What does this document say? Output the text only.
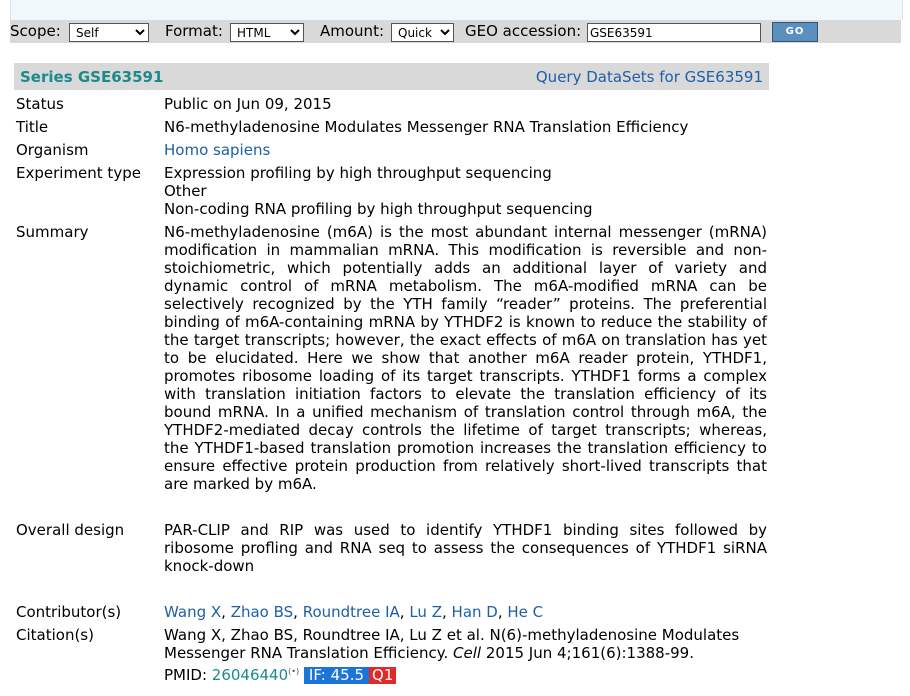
Scope:
Self	Format:
HTML	Amount:
Quick	GEO accession:
GSE63591	GO
Series GSE63591	Query DataSets for GSE63591
Status	Public on Jun 09, 2015
Title	N6-methyladenosine Modulates Messenger RNA Translation Efficiency
Organism	Homo sapiens
Experiment type	Expression profiling by high throughput sequencing
Other
Non-coding RNA profiling by high throughput sequencing
Summary	N6-methyladenosine (m6A) is the most abundant internal messenger (mRNA) modification in mammalian mRNA. This modification is reversible and non-stoichiometric, which potentially adds an additional layer of variety and dynamic control of mRNA metabolism. The m6A-modified mRNA can be selectively recognized by the YTH family “reader” proteins. The preferential binding of m6A-containing mRNA by YTHDF2 is known to reduce the stability of the target transcripts; however, the exact effects of m6A on translation has yet to be elucidated. Here we show that another m6A reader protein, YTHDF1, promotes ribosome loading of its target transcripts. YTHDF1 forms a complex with translation initiation factors to elevate the translation efficiency of its bound mRNA. In a unified mechanism of translation control through m6A, the YTHDF2-mediated decay controls the lifetime of target transcripts; whereas, the YTHDF1-based translation promotion increases the translation efficiency to ensure effective protein production from relatively short-lived transcripts that are marked by m6A.
Overall design	PAR-CLIP and RIP was used to identify YTHDF1 binding sites followed by ribosome profling and RNA seq to assess the consequences of YTHDF1 siRNA knock-down
Contributor(s)	Wang X, Zhao BS, Roundtree IA, Lu Z, Han D, He C
Citation(s)	Wang X, Zhao BS, Roundtree IA, Lu Z et al. N(6)-methyladenosine Modulates Messenger RNA Translation Efficiency. Cell 2015 Jun 4;161(6):1388-99.
PMID: 26046440(•) IF: 45.5 Q1
